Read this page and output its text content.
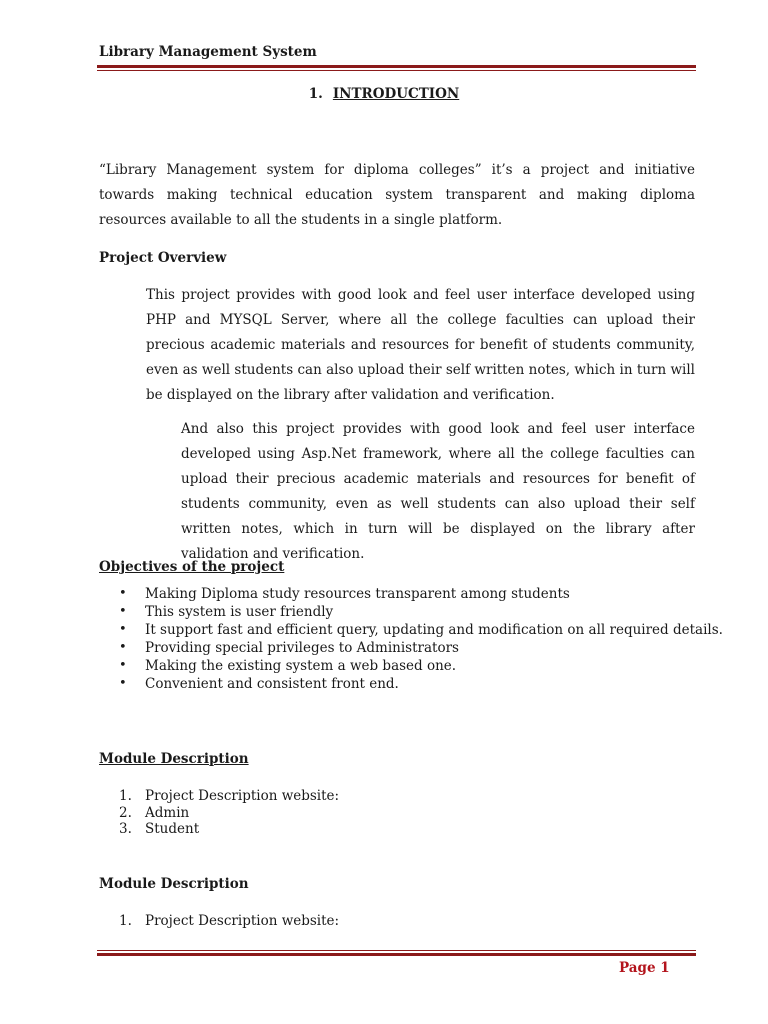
Library Management System
1. INTRODUCTION

“Library Management system for diploma colleges” it’s a project and initiative towards making technical education system transparent and making diploma resources available to all the students in a single platform.

Project Overview

This project provides with good look and feel user interface developed using PHP and MYSQL Server, where all the college faculties can upload their precious academic materials and resources for benefit of students community, even as well students can also upload their self written notes, which in turn will be displayed on the library after validation and verification.

And also this project provides with good look and feel user interface developed using Asp.Net framework, where all the college faculties can upload their precious academic materials and resources for benefit of students community, even as well students can also upload their self written notes, which in turn will be displayed on the library after validation and verification.

Objectives of the project
•	Making Diploma study resources transparent among students
•	This system is user friendly
•	It support fast and efficient query, updating and modification on all required details.
•	Providing special privileges to Administrators
•	Making the existing system a web based one.
•	Convenient and consistent front end.
Module Description
1. Project Description website:
2. Admin
3. Student
Module Description
1. Project Description website:
Page 1
